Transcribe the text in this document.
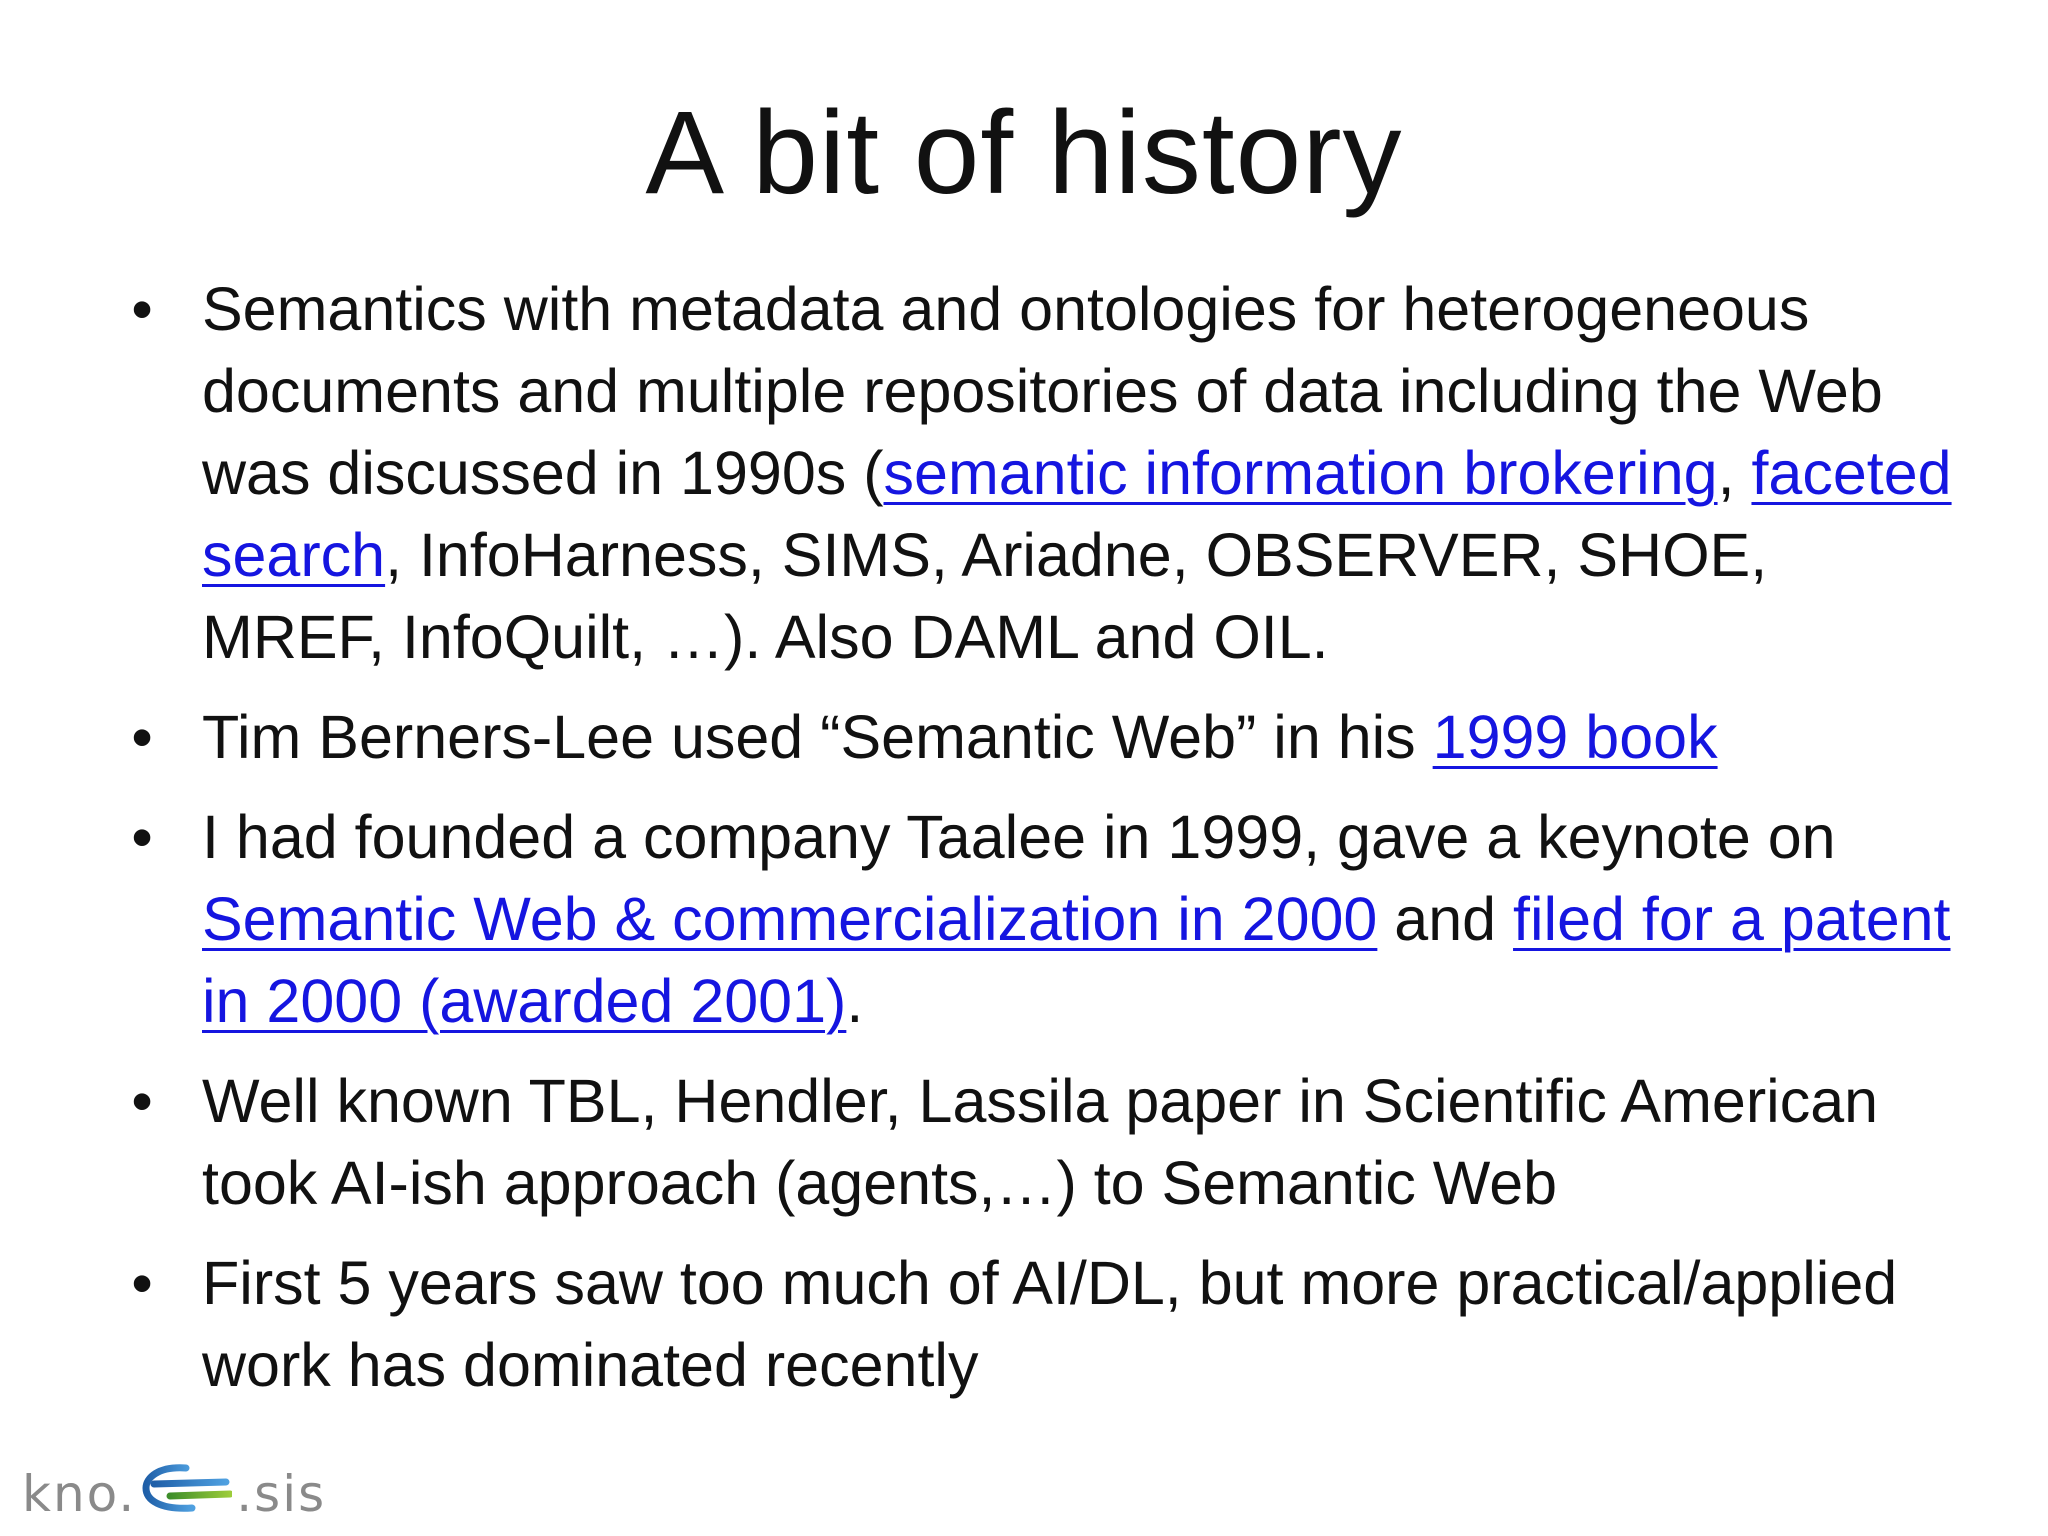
A bit of history
• Semantics with metadata and ontologies for heterogeneous documents and multiple repositories of data including the Web was discussed in 1990s (semantic information brokering, faceted search, InfoHarness, SIMS, Ariadne, OBSERVER, SHOE, MREF, InfoQuilt, …). Also DAML and OIL.
• Tim Berners-Lee used “Semantic Web” in his 1999 book
• I had founded a company Taalee in 1999, gave a keynote on Semantic Web & commercialization in 2000 and filed for a patent in 2000 (awarded 2001).
• Well known TBL, Hendler, Lassila paper in Scientific American took AI-ish approach (agents,…) to Semantic Web
• First 5 years saw too much of AI/DL, but more practical/applied work has dominated recently
kno. .sis
